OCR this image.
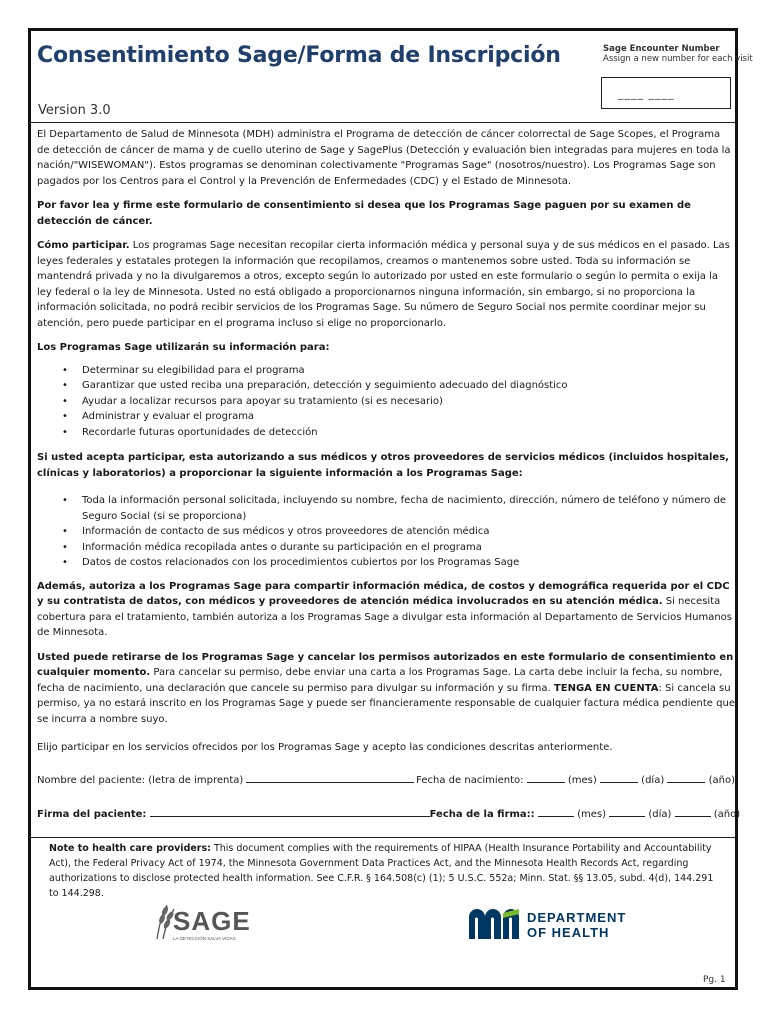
Consentimiento Sage/Forma de Inscripción	Sage Encounter Number
Assign a new number for each visit
____ ____
Version 3.0

El Departamento de Salud de Minnesota (MDH) administra el Programa de detección de cáncer colorrectal de Sage Scopes, el Programa de detección de cáncer de mama y de cuello uterino de Sage y SagePlus (Detección y evaluación bien integradas para mujeres en toda la nación/"WISEWOMAN"). Estos programas se denominan colectivamente "Programas Sage" (nosotros/nuestro). Los Programas Sage son pagados por los Centros para el Control y la Prevención de Enfermedades (CDC) y el Estado de Minnesota.

Por favor lea y firme este formulario de consentimiento si desea que los Programas Sage paguen por su examen de detección de cáncer.

Cómo participar. Los programas Sage necesitan recopilar cierta información médica y personal suya y de sus médicos en el pasado. Las leyes federales y estatales protegen la información que recopilamos, creamos o mantenemos sobre usted. Toda su información se mantendrá privada y no la divulgaremos a otros, excepto según lo autorizado por usted en este formulario o según lo permita o exija la ley federal o la ley de Minnesota. Usted no está obligado a proporcionarnos ninguna información, sin embargo, si no proporciona la información solicitada, no podrá recibir servicios de los Programas Sage. Su número de Seguro Social nos permite coordinar mejor su atención, pero puede participar en el programa incluso si elige no proporcionarlo.

Los Programas Sage utilizarán su información para:

• Determinar su elegibilidad para el programa
• Garantizar que usted reciba una preparación, detección y seguimiento adecuado del diagnóstico
• Ayudar a localizar recursos para apoyar su tratamiento (si es necesario)
• Administrar y evaluar el programa
• Recordarle futuras oportunidades de detección

Si usted acepta participar, esta autorizando a sus médicos y otros proveedores de servicios médicos (incluidos hospitales, clínicas y laboratorios) a proporcionar la siguiente información a los Programas Sage:

• Toda la información personal solicitada, incluyendo su nombre, fecha de nacimiento, dirección, número de teléfono y número de Seguro Social (si se proporciona)
• Información de contacto de sus médicos y otros proveedores de atención médica
• Información médica recopilada antes o durante su participación en el programa
• Datos de costos relacionados con los procedimientos cubiertos por los Programas Sage

Además, autoriza a los Programas Sage para compartir información médica, de costos y demográfica requerida por el CDC y su contratista de datos, con médicos y proveedores de atención médica involucrados en su atención médica. Si necesita cobertura para el tratamiento, también autoriza a los Programas Sage a divulgar esta información al Departamento de Servicios Humanos de Minnesota.

Usted puede retirarse de los Programas Sage y cancelar los permisos autorizados en este formulario de consentimiento en cualquier momento. Para cancelar su permiso, debe enviar una carta a los Programas Sage. La carta debe incluir la fecha, su nombre, fecha de nacimiento, una declaración que cancele su permiso para divulgar su información y su firma. TENGA EN CUENTA: Si cancela su permiso, ya no estará inscrito en los Programas Sage y puede ser financieramente responsable de cualquier factura médica pendiente que se incurra a nombre suyo.

Elijo participar en los servicios ofrecidos por los Programas Sage y acepto las condiciones descritas anteriormente.

Nombre del paciente: (letra de imprenta)	Fecha de nacimiento:	(mes)	(día)	(año)
Firma del paciente:	Fecha de la firma::	(mes)	(día)	(año)

Note to health care providers: This document complies with the requirements of HIPAA (Health Insurance Portability and Accountability Act), the Federal Privacy Act of 1974, the Minnesota Government Data Practices Act, and the Minnesota Health Records Act, regarding authorizations to disclose protected health information. See C.F.R. § 164.508(c) (1); 5 U.S.C. 552a; Minn. Stat. §§ 13.05, subd. 4(d), 144.291 to 144.298.

SAGE
LA DETECCIÓN SALVA VIDAS
DEPARTMENT
OF HEALTH
Pg. 1
